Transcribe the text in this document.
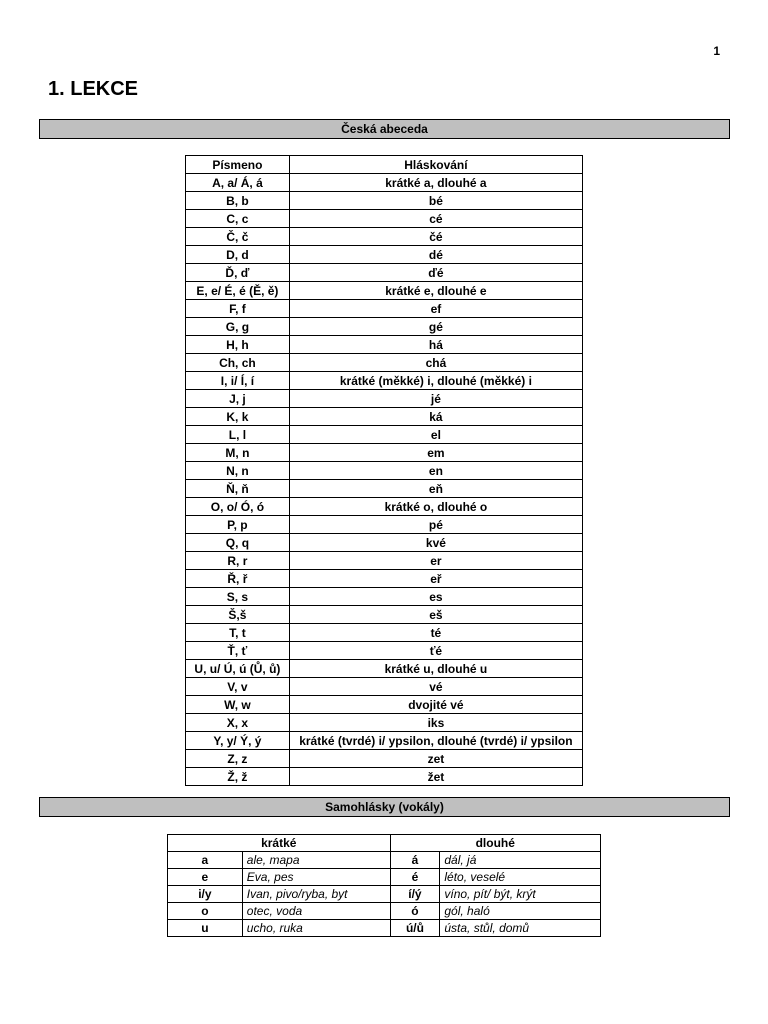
1
1. LEKCE
Česká abeceda
Písmeno	Hláskování
A, a/ Á, á	krátké a, dlouhé a
B, b	bé
C, c	cé
Č, č	čé
D, d	dé
Ď, ď	ďé
E, e/ É, é (Ě, ě)	krátké e, dlouhé e
F, f	ef
G, g	gé
H, h	há
Ch, ch	chá
I, i/ Í, í	krátké (měkké) i, dlouhé (měkké) i
J, j	jé
K, k	ká
L, l	el
M, n	em
N, n	en
Ň, ň	eň
O, o/ Ó, ó	krátké o, dlouhé o
P, p	pé
Q, q	kvé
R, r	er
Ř, ř	eř
S, s	es
Š,š	eš
T, t	té
Ť, ť	ťé
U, u/ Ú, ú (Ů, ů)	krátké u, dlouhé u
V, v	vé
W, w	dvojité vé
X, x	iks
Y, y/ Ý, ý	krátké (tvrdé) i/ ypsilon, dlouhé (tvrdé) i/ ypsilon
Z, z	zet
Ž, ž	žet
Samohlásky (vokály)
krátké		dlouhé	
a	ale, mapa	á	dál, já
e	Eva, pes	é	léto, veselé
i/y	Ivan, pivo/ryba, byt	í/ý	víno, pít/ být, krýt
o	otec, voda	ó	gól, haló
u	ucho, ruka	ú/ů	ústa, stůl, domů
